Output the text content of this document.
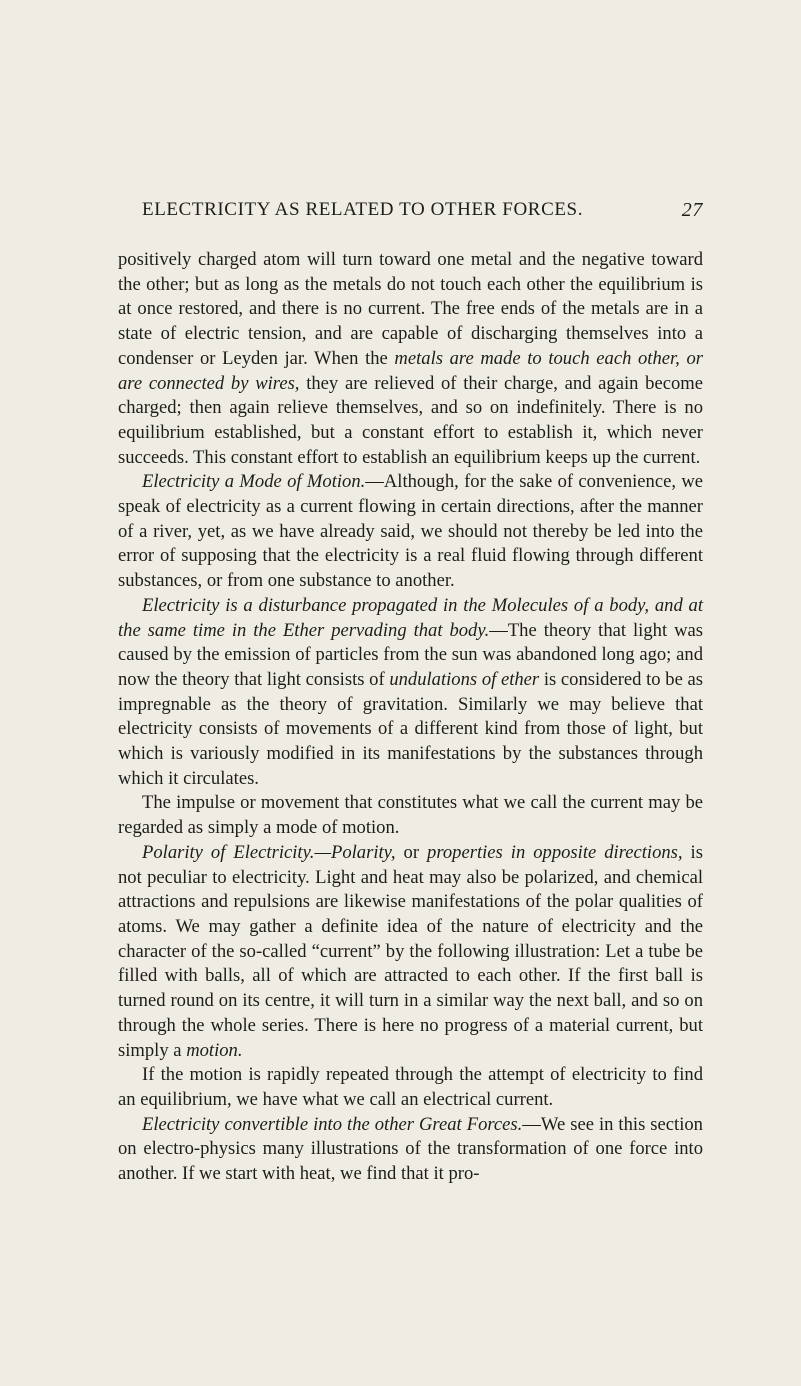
ELECTRICITY AS RELATED TO OTHER FORCES.	27

positively charged atom will turn toward one metal and the negative toward the other; but as long as the metals do not touch each other the equilibrium is at once restored, and there is no current. The free ends of the metals are in a state of electric tension, and are capable of discharging themselves into a condenser or Leyden jar. When the metals are made to touch each other, or are connected by wires, they are relieved of their charge, and again become charged; then again relieve themselves, and so on indefinitely. There is no equilibrium established, but a constant effort to establish it, which never succeeds. This constant effort to establish an equilibrium keeps up the current.

Electricity a Mode of Motion.—Although, for the sake of convenience, we speak of electricity as a current flowing in certain directions, after the manner of a river, yet, as we have already said, we should not thereby be led into the error of supposing that the electricity is a real fluid flowing through different substances, or from one substance to another.

Electricity is a disturbance propagated in the Molecules of a body, and at the same time in the Ether pervading that body.—The theory that light was caused by the emission of particles from the sun was abandoned long ago; and now the theory that light consists of undulations of ether is considered to be as impregnable as the theory of gravitation. Similarly we may believe that electricity consists of movements of a different kind from those of light, but which is variously modified in its manifestations by the substances through which it circulates.

The impulse or movement that constitutes what we call the current may be regarded as simply a mode of motion.

Polarity of Electricity.—Polarity, or properties in opposite directions, is not peculiar to electricity. Light and heat may also be polarized, and chemical attractions and repulsions are likewise manifestations of the polar qualities of atoms. We may gather a definite idea of the nature of electricity and the character of the so-called “current” by the following illustration: Let a tube be filled with balls, all of which are attracted to each other. If the first ball is turned round on its centre, it will turn in a similar way the next ball, and so on through the whole series. There is here no progress of a material current, but simply a motion.

If the motion is rapidly repeated through the attempt of electricity to find an equilibrium, we have what we call an electrical current.

Electricity convertible into the other Great Forces.—We see in this section on electro-physics many illustrations of the transformation of one force into another. If we start with heat, we find that it pro-
